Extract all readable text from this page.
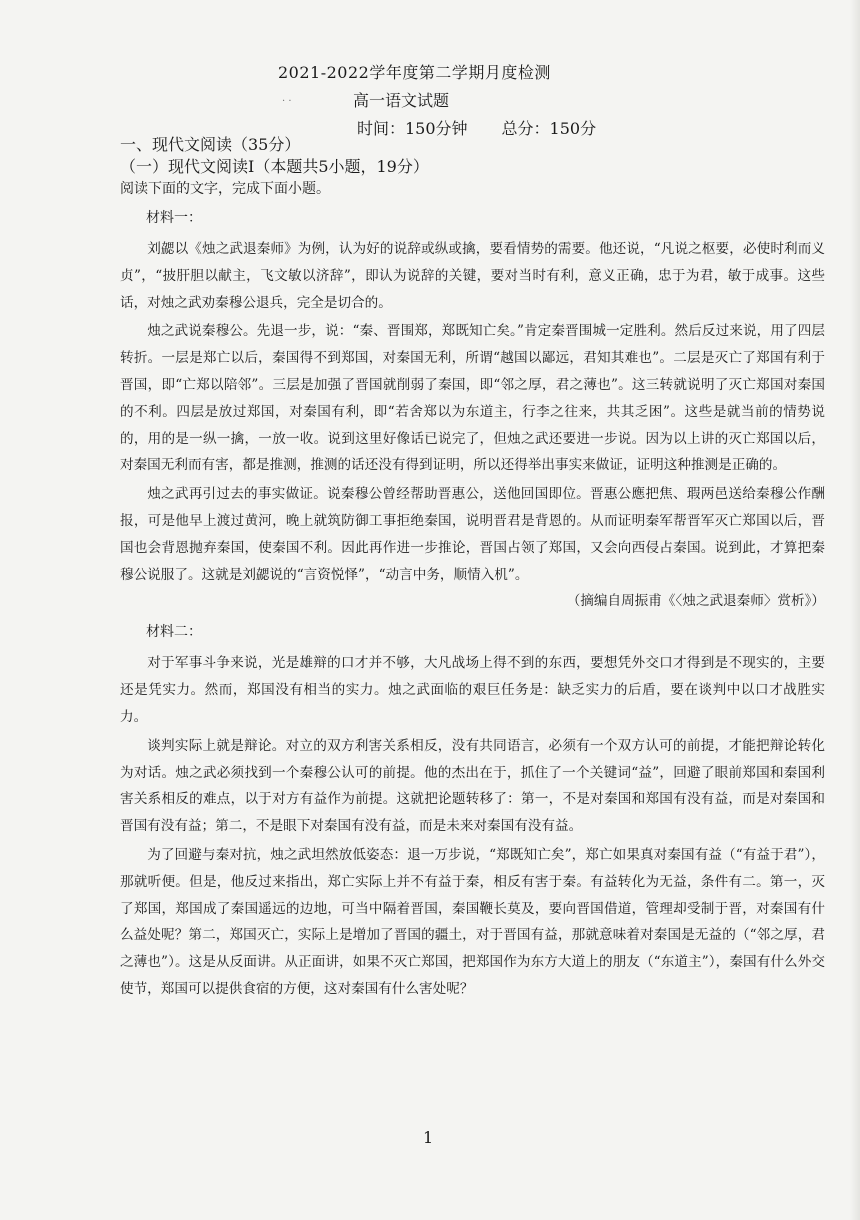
2021-2022学年度第二学期月度检测
· ·	高一语文试题
时间：150分钟 总分：150分

一、现代文阅读（35分）

（一）现代文阅读Ⅰ（本题共5小题，19分）

阅读下面的文字，完成下面小题。

材料一：

刘勰以《烛之武退秦师》为例，认为好的说辞或纵或擒，要看情势的需要。他还说，“凡说之枢要，必使时利而义贞”，“披肝胆以献主，飞文敏以济辞”，即认为说辞的关键，要对当时有利，意义正确，忠于为君，敏于成事。这些话，对烛之武劝秦穆公退兵，完全是切合的。

烛之武说秦穆公。先退一步，说：“秦、晋围郑，郑既知亡矣。”肯定秦晋围城一定胜利。然后反过来说，用了四层转折。一层是郑亡以后，秦国得不到郑国，对秦国无利，所谓“越国以鄙远，君知其难也”。二层是灭亡了郑国有利于晋国，即“亡郑以陪邻”。三层是加强了晋国就削弱了秦国，即“邻之厚，君之薄也”。这三转就说明了灭亡郑国对秦国的不利。四层是放过郑国，对秦国有利，即“若舍郑以为东道主，行李之往来，共其乏困”。这些是就当前的情势说的，用的是一纵一擒，一放一收。说到这里好像话已说完了，但烛之武还要进一步说。因为以上讲的灭亡郑国以后，对秦国无利而有害，都是推测，推测的话还没有得到证明，所以还得举出事实来做证，证明这种推测是正确的。

烛之武再引过去的事实做证。说秦穆公曾经帮助晋惠公，送他回国即位。晋惠公應把焦、瑕两邑送给秦穆公作酬报，可是他早上渡过黄河，晚上就筑防御工事拒绝秦国，说明晋君是背恩的。从而证明秦军帮晋军灭亡郑国以后，晋国也会背恩抛弃秦国，使秦国不利。因此再作进一步推论，晋国占领了郑国，又会向西侵占秦国。说到此，才算把秦穆公说服了。这就是刘勰说的“言资悦怿”，“动言中务，顺情入机”。

（摘编自周振甫《〈烛之武退秦师〉赏析》）

材料二：

对于军事斗争来说，光是雄辩的口才并不够，大凡战场上得不到的东西，要想凭外交口才得到是不现实的，主要还是凭实力。然而，郑国没有相当的实力。烛之武面临的艰巨任务是：缺乏实力的后盾，要在谈判中以口才战胜实力。

谈判实际上就是辩论。对立的双方利害关系相反，没有共同语言，必须有一个双方认可的前提，才能把辩论转化为对话。烛之武必须找到一个秦穆公认可的前提。他的杰出在于，抓住了一个关键词“益”，回避了眼前郑国和秦国利害关系相反的难点，以于对方有益作为前提。这就把论题转移了：第一，不是对秦国和郑国有没有益，而是对秦国和晋国有没有益；第二，不是眼下对秦国有没有益，而是未来对秦国有没有益。

为了回避与秦对抗，烛之武坦然放低姿态：退一万步说，“郑既知亡矣”，郑亡如果真对秦国有益（“有益于君”），那就听便。但是，他反过来指出，郑亡实际上并不有益于秦，相反有害于秦。有益转化为无益，条件有二。第一，灭了郑国，郑国成了秦国遥远的边地，可当中隔着晋国，秦国鞭长莫及，要向晋国借道，管理却受制于晋，对秦国有什么益处呢？第二，郑国灭亡，实际上是增加了晋国的疆土，对于晋国有益，那就意味着对秦国是无益的（“邻之厚，君之薄也”）。这是从反面讲。从正面讲，如果不灭亡郑国，把郑国作为东方大道上的朋友（“东道主”），秦国有什么外交使节，郑国可以提供食宿的方便，这对秦国有什么害处呢？

1
